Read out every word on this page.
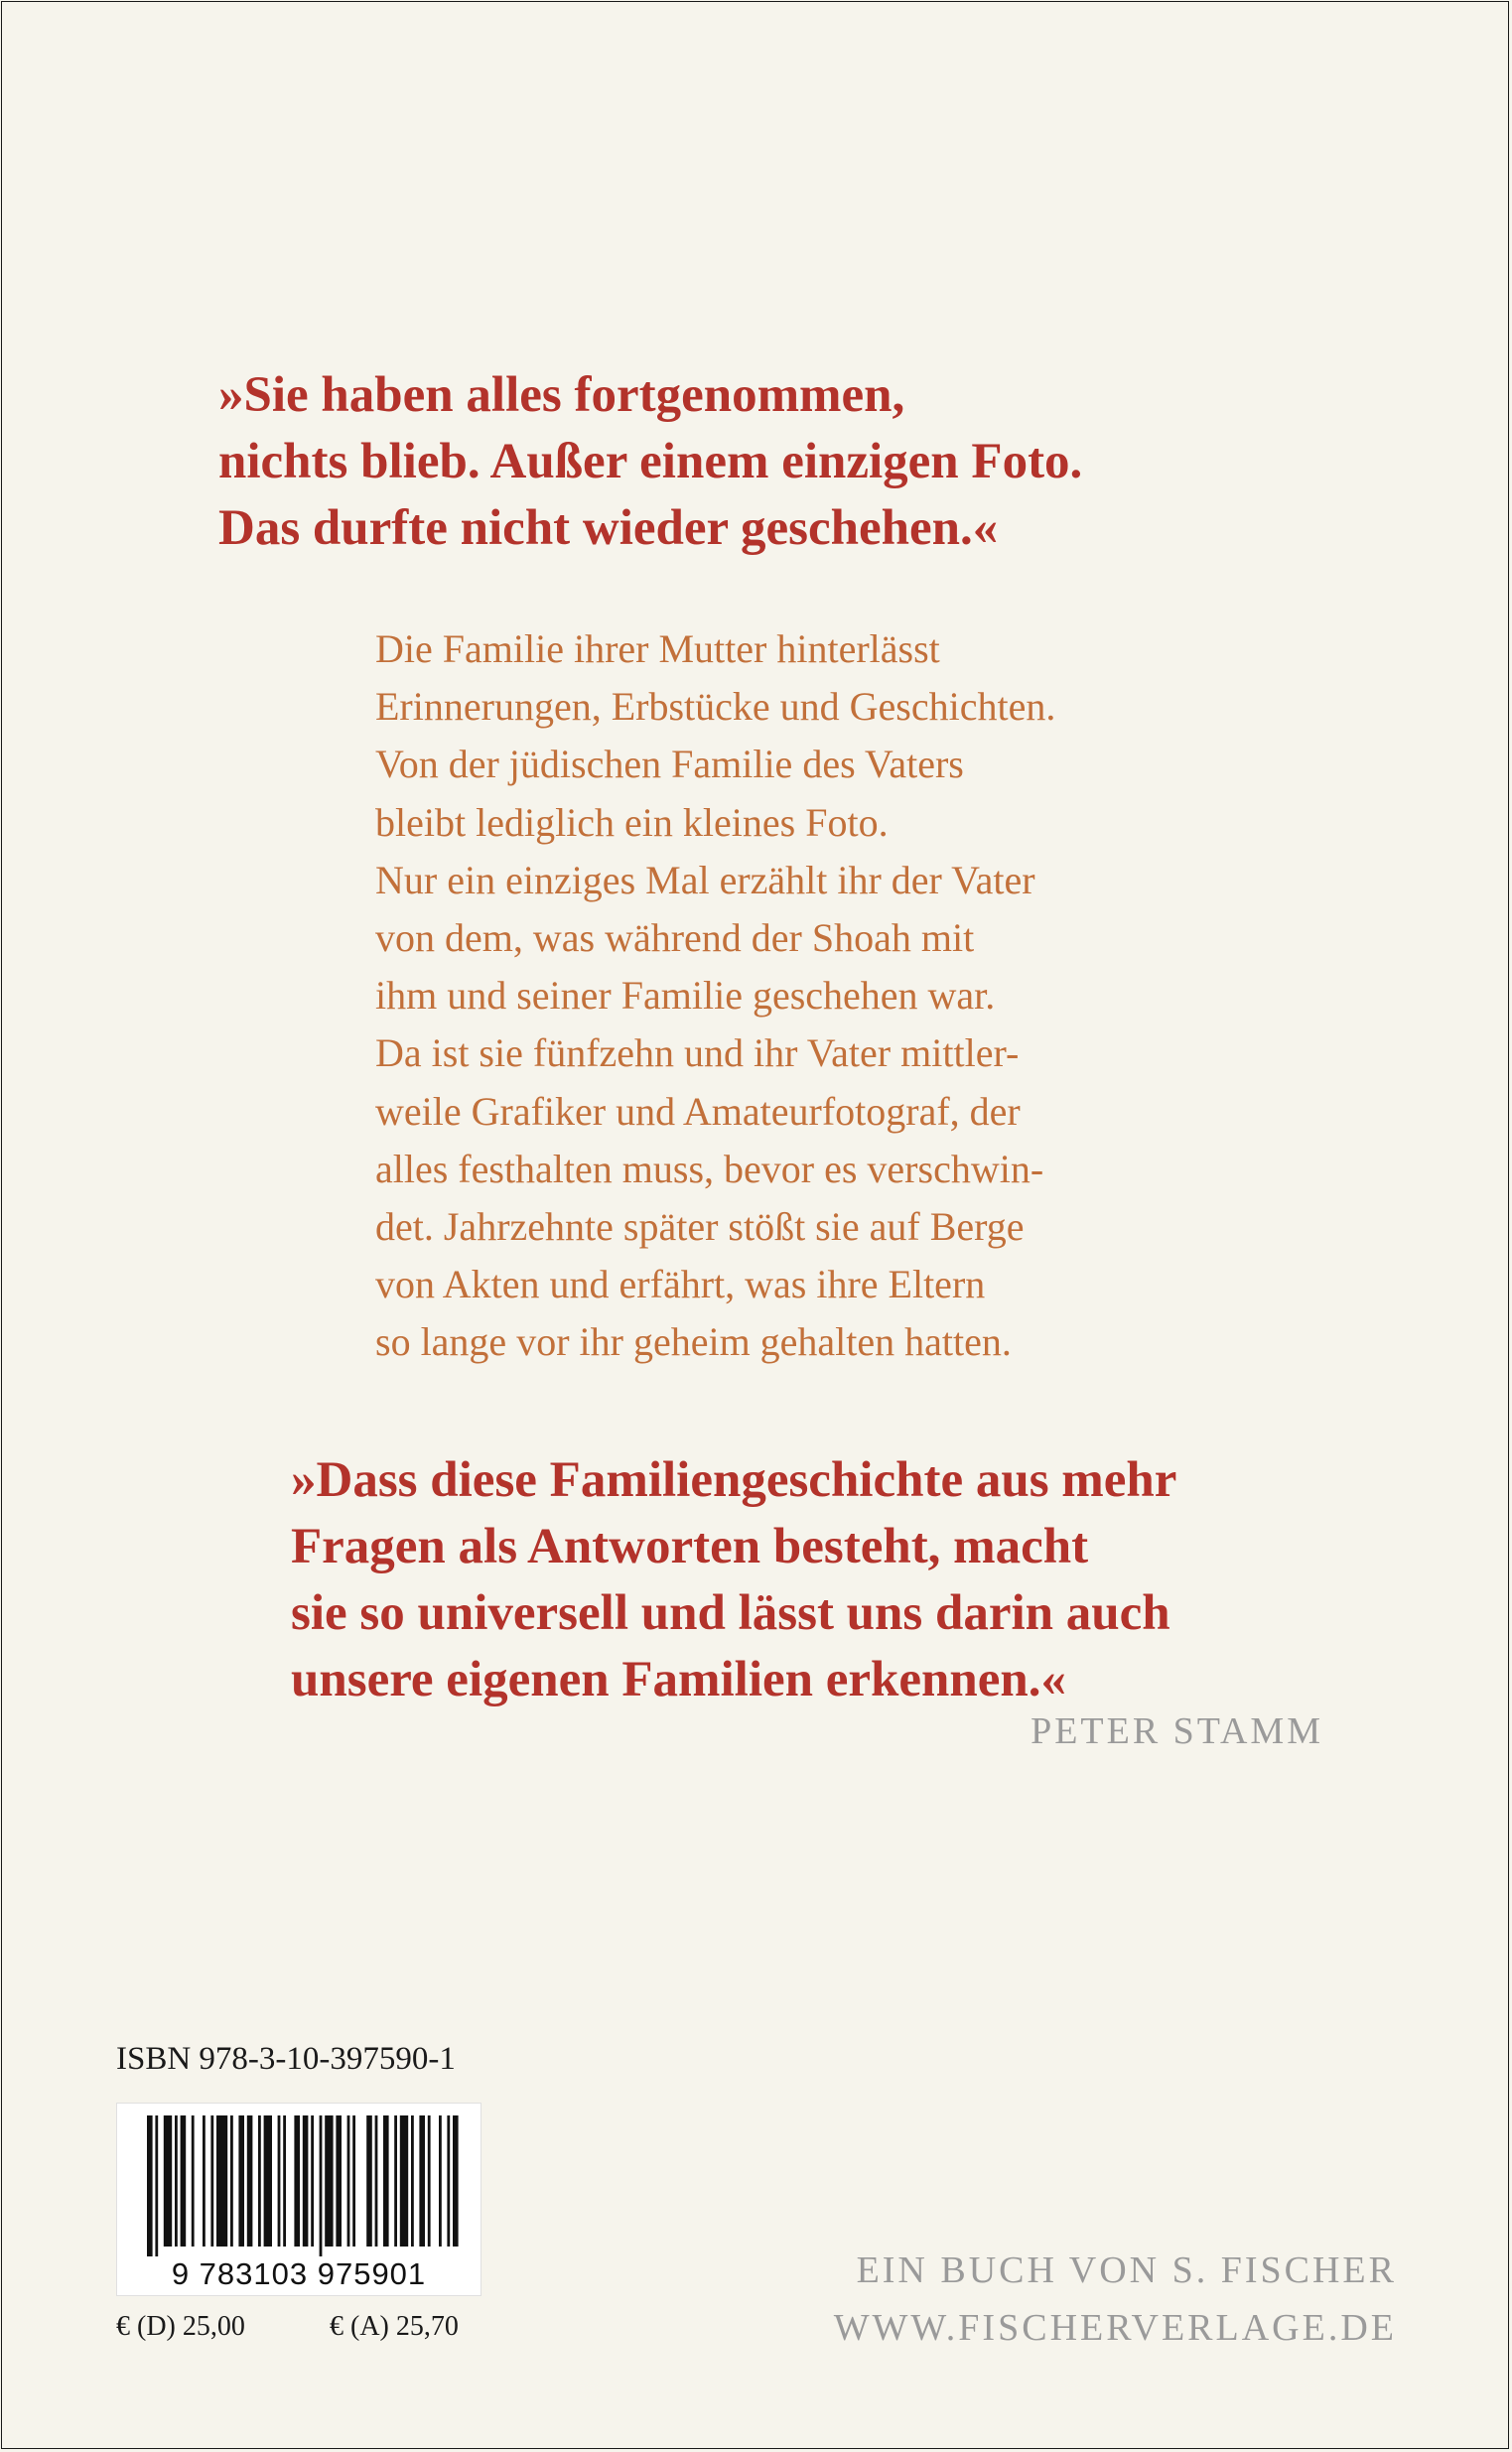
»Sie haben alles fortgenommen,
nichts blieb. Außer einem einzigen Foto.
Das durfte nicht wieder geschehen.«
Die Familie ihrer Mutter hinterlässt
Erinnerungen, Erbstücke und Geschichten.
Von der jüdischen Familie des Vaters
bleibt lediglich ein kleines Foto.
Nur ein einziges Mal erzählt ihr der Vater
von dem, was während der Shoah mit
ihm und seiner Familie geschehen war.
Da ist sie fünfzehn und ihr Vater mittler-
weile Grafiker und Amateurfotograf, der
alles festhalten muss, bevor es verschwin-
det. Jahrzehnte später stößt sie auf Berge
von Akten und erfährt, was ihre Eltern
so lange vor ihr geheim gehalten hatten.
»Dass diese Familiengeschichte aus mehr
Fragen als Antworten besteht, macht
sie so universell und lässt uns darin auch
unsere eigenen Familien erkennen.«
PETER STAMM
ISBN 978-3-10-397590-1
9 783103 975901
€ (D) 25,00	€ (A) 25,70
EIN BUCH VON S. FISCHER
WWW.FISCHERVERLAGE.DE
